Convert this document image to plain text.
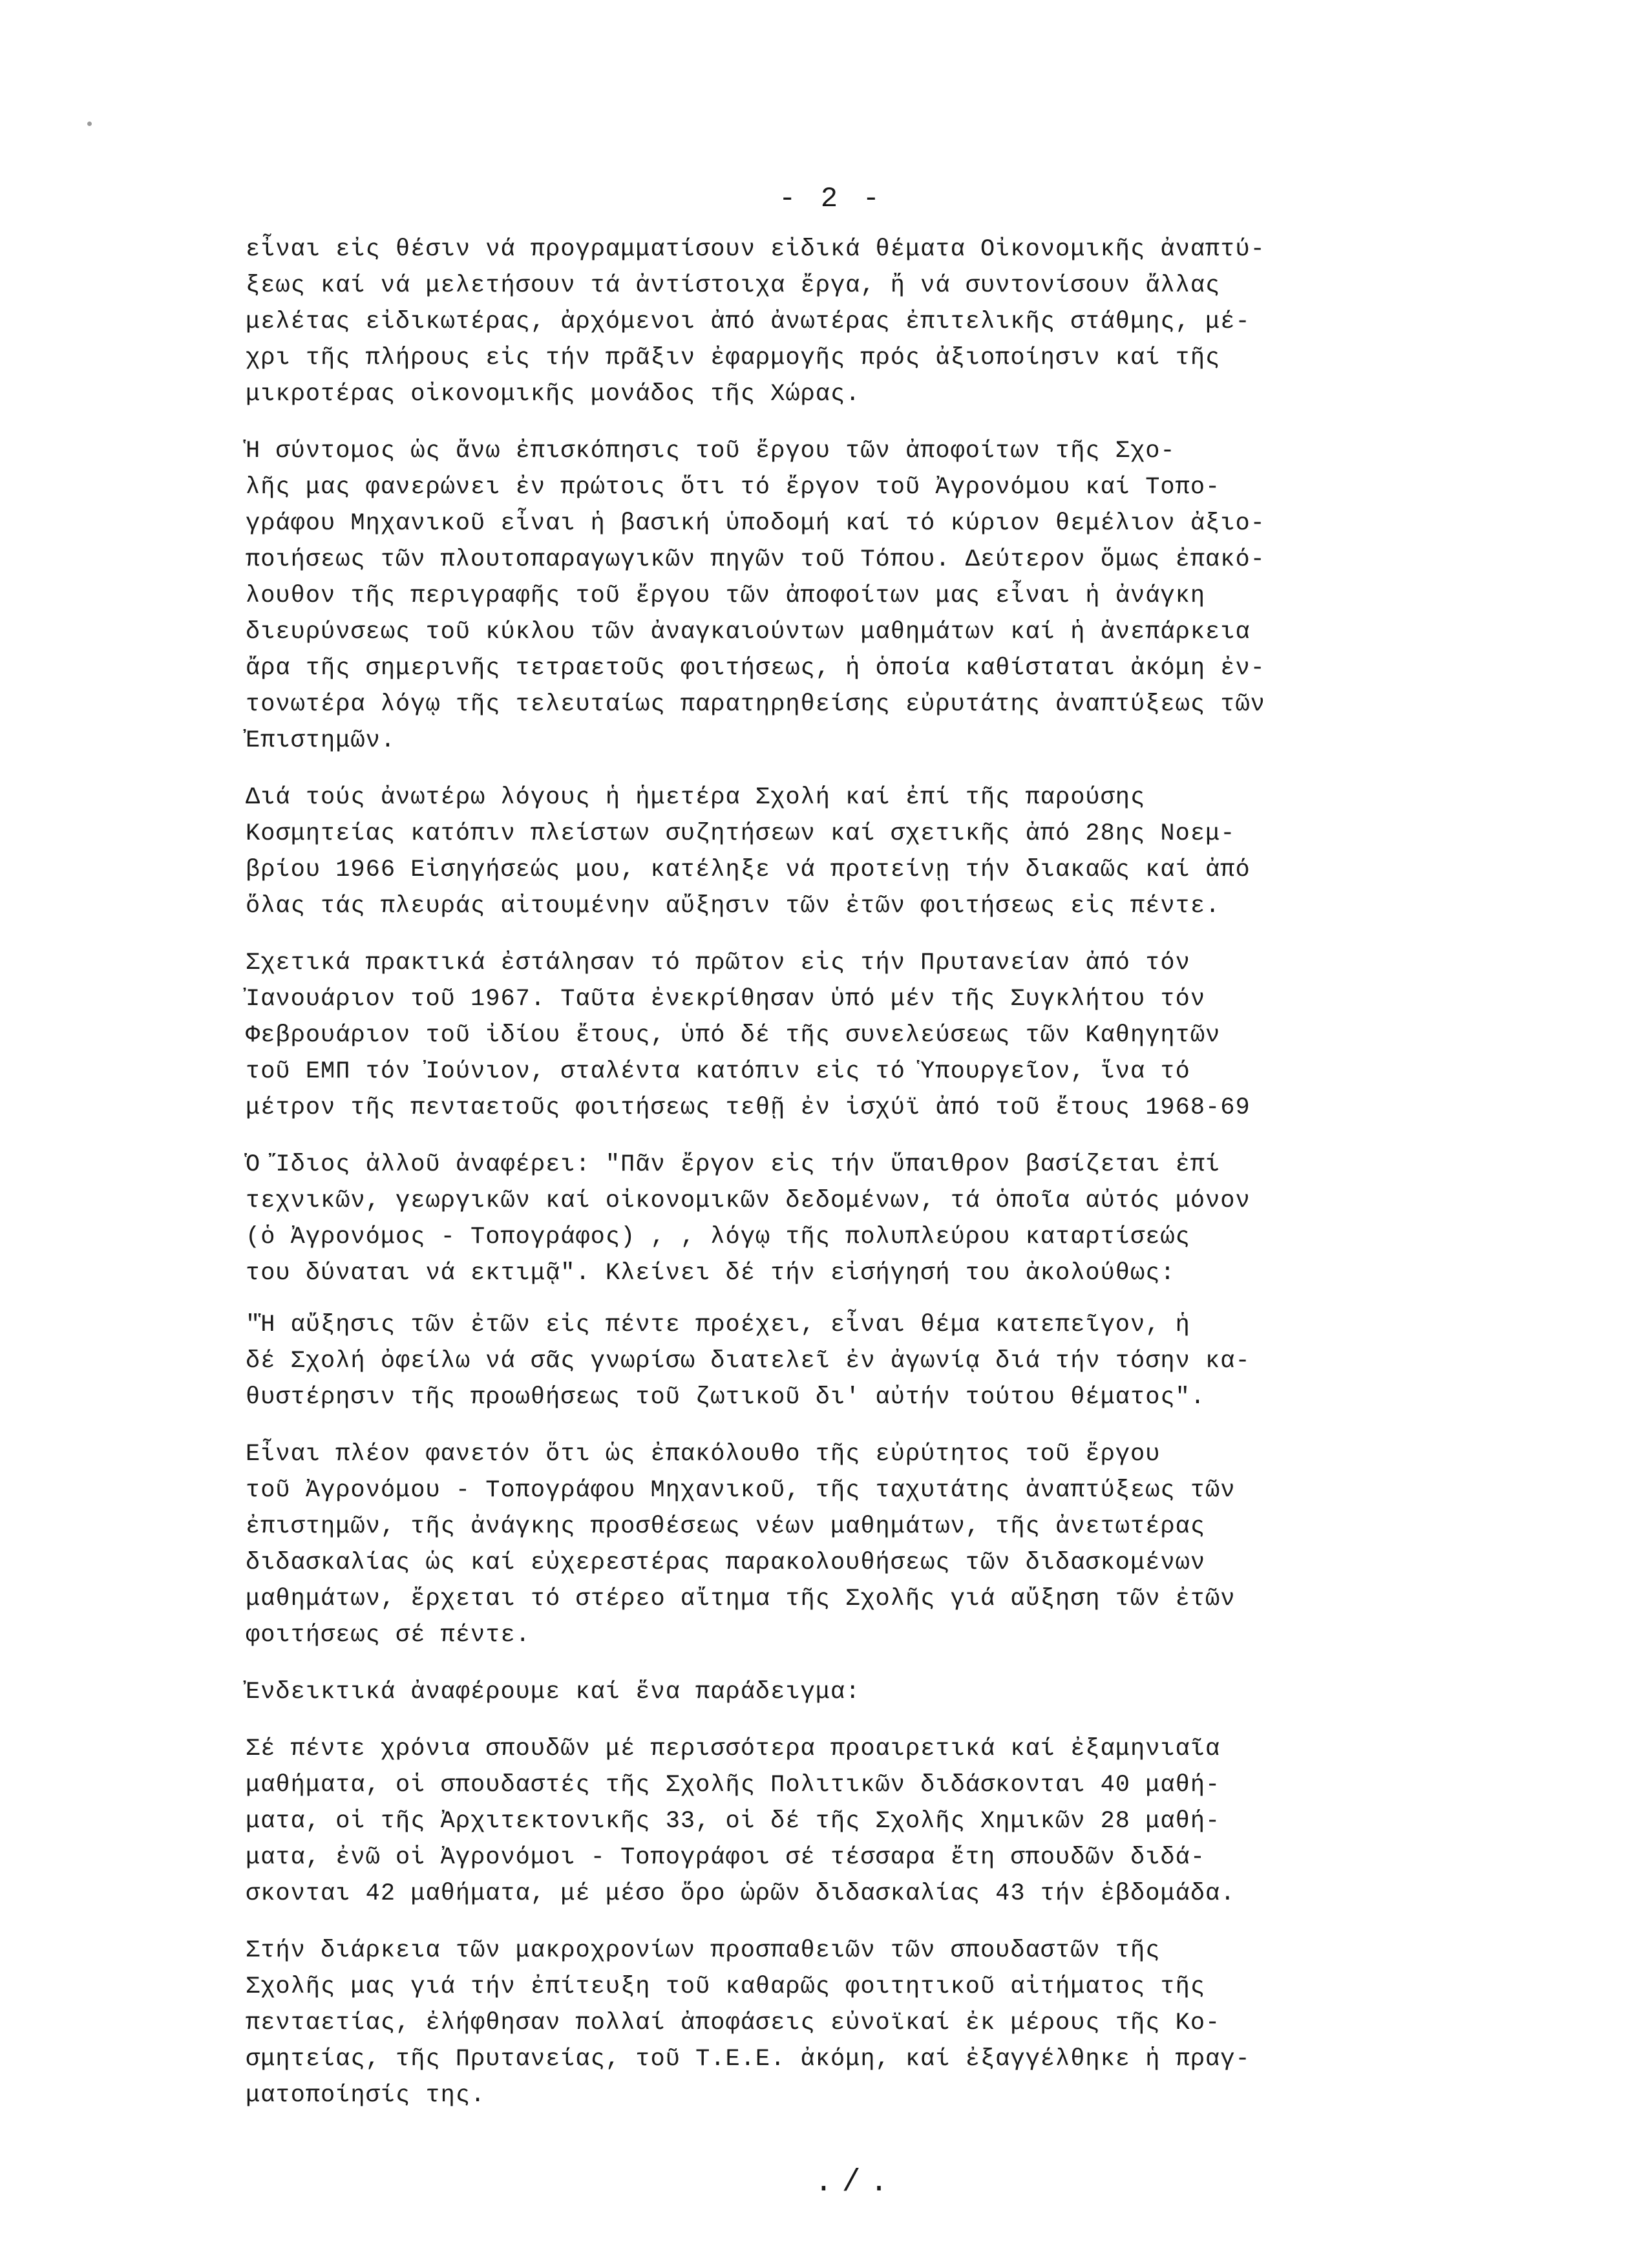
- 2 -

εἶναι εἰς θέσιν νά προγραμματίσουν εἰδικά θέματα Οἰκονομικῆς ἀναπτύ-
ξεως καί νά μελετήσουν τά ἀντίστοιχα ἔργα, ἤ νά συντονίσουν ἄλλας
μελέτας εἰδικωτέρας, ἀρχόμενοι ἀπό ἀνωτέρας ἐπιτελικῆς στάθμης, μέ-
χρι τῆς πλήρους εἰς τήν πρᾶξιν ἐφαρμογῆς πρός ἀξιοποίησιν καί τῆς
μικροτέρας οἰκονομικῆς μονάδος τῆς Χώρας.

Ἡ σύντομος ὡς ἄνω ἐπισκόπησις τοῦ ἔργου τῶν ἀποφοίτων τῆς Σχο-
λῆς μας φανερώνει ἐν πρώτοις ὅτι τό ἔργον τοῦ Ἀγρονόμου καί Τοπο-
γράφου Μηχανικοῦ εἶναι ἡ βασική ὑποδομή καί τό κύριον θεμέλιον ἀξιο-
ποιήσεως τῶν πλουτοπαραγωγικῶν πηγῶν τοῦ Τόπου. Δεύτερον ὅμως ἐπακό-
λουθον τῆς περιγραφῆς τοῦ ἔργου τῶν ἀποφοίτων μας εἶναι ἡ ἀνάγκη
διευρύνσεως τοῦ κύκλου τῶν ἀναγκαιούντων μαθημάτων καί ἡ ἀνεπάρκεια
ἄρα τῆς σημερινῆς τετραετοῦς φοιτήσεως, ἡ ὁποία καθίσταται ἀκόμη ἐν-
τονωτέρα λόγῳ τῆς τελευταίως παρατηρηθείσης εὐρυτάτης ἀναπτύξεως τῶν
Ἐπιστημῶν.

Διά τούς ἀνωτέρω λόγους ἡ ἡμετέρα Σχολή καί ἐπί τῆς παρούσης
Κοσμητείας κατόπιν πλείστων συζητήσεων καί σχετικῆς ἀπό 28ης Νοεμ-
βρίου 1966 Εἰσηγήσεώς μου, κατέληξε νά προτείνῃ τήν διακαῶς καί ἀπό
ὅλας τάς πλευράς αἰτουμένην αὔξησιν τῶν ἐτῶν φοιτήσεως εἰς πέντε.

Σχετικά πρακτικά ἐστάλησαν τό πρῶτον εἰς τήν Πρυτανείαν ἀπό τόν
Ἰανουάριον τοῦ 1967. Ταῦτα ἐνεκρίθησαν ὑπό μέν τῆς Συγκλήτου τόν
Φεβρουάριον τοῦ ἰδίου ἔτους, ὑπό δέ τῆς συνελεύσεως τῶν Καθηγητῶν
τοῦ ΕΜΠ τόν Ἰούνιον, σταλέντα κατόπιν εἰς τό Ὑπουργεῖον, ἵνα τό
μέτρον τῆς πενταετοῦς φοιτήσεως τεθῇ ἐν ἰσχύϊ ἀπό τοῦ ἔτους 1968-69

Ὁ Ἴδιος ἀλλοῦ ἀναφέρει: "Πᾶν ἔργον εἰς τήν ὕπαιθρον βασίζεται ἐπί
τεχνικῶν, γεωργικῶν καί οἰκονομικῶν δεδομένων, τά ὁποῖα αὐτός μόνον
(ὁ Ἀγρονόμος - Τοπογράφος) , , λόγῳ τῆς πολυπλεύρου καταρτίσεώς
του δύναται νά εκτιμᾷ". Κλείνει δέ τήν εἰσήγησή του ἀκολούθως:

"Ἡ αὔξησις τῶν ἐτῶν εἰς πέντε προέχει, εἶναι θέμα κατεπεῖγον, ἡ
δέ Σχολή ὀφείλω νά σᾶς γνωρίσω διατελεῖ ἐν ἀγωνίᾳ διά τήν τόσην κα-
θυστέρησιν τῆς προωθήσεως τοῦ ζωτικοῦ δι' αὐτήν τούτου θέματος".

Εἶναι πλέον φανετόν ὅτι ὡς ἐπακόλουθο τῆς εὐρύτητος τοῦ ἔργου
τοῦ Ἀγρονόμου - Τοπογράφου Μηχανικοῦ, τῆς ταχυτάτης ἀναπτύξεως τῶν
ἐπιστημῶν, τῆς ἀνάγκης προσθέσεως νέων μαθημάτων, τῆς ἀνετωτέρας
διδασκαλίας ὡς καί εὐχερεστέρας παρακολουθήσεως τῶν διδασκομένων
μαθημάτων, ἔρχεται τό στέρεο αἴτημα τῆς Σχολῆς γιά αὔξηση τῶν ἐτῶν
φοιτήσεως σέ πέντε.

Ἐνδεικτικά ἀναφέρουμε καί ἕνα παράδειγμα:

Σέ πέντε χρόνια σπουδῶν μέ περισσότερα προαιρετικά καί ἐξαμηνιαῖα
μαθήματα, οἱ σπουδαστές τῆς Σχολῆς Πολιτικῶν διδάσκονται 40 μαθή-
ματα, οἱ τῆς Ἀρχιτεκτονικῆς 33, οἱ δέ τῆς Σχολῆς Χημικῶν 28 μαθή-
ματα, ἐνῶ οἱ Ἀγρονόμοι - Τοπογράφοι σέ τέσσαρα ἔτη σπουδῶν διδά-
σκονται 42 μαθήματα, μέ μέσο ὅρο ὡρῶν διδασκαλίας 43 τήν ἑβδομάδα.

Στήν διάρκεια τῶν μακροχρονίων προσπαθειῶν τῶν σπουδαστῶν τῆς
Σχολῆς μας γιά τήν ἐπίτευξη τοῦ καθαρῶς φοιτητικοῦ αἰτήματος τῆς
πενταετίας, ἐλήφθησαν πολλαί ἀποφάσεις εὐνοϊκαί ἐκ μέρους τῆς Κο-
σμητείας, τῆς Πρυτανείας, τοῦ Τ.Ε.Ε. ἀκόμη, καί ἐξαγγέλθηκε ἡ πραγ-
ματοποίησίς της.

./.
